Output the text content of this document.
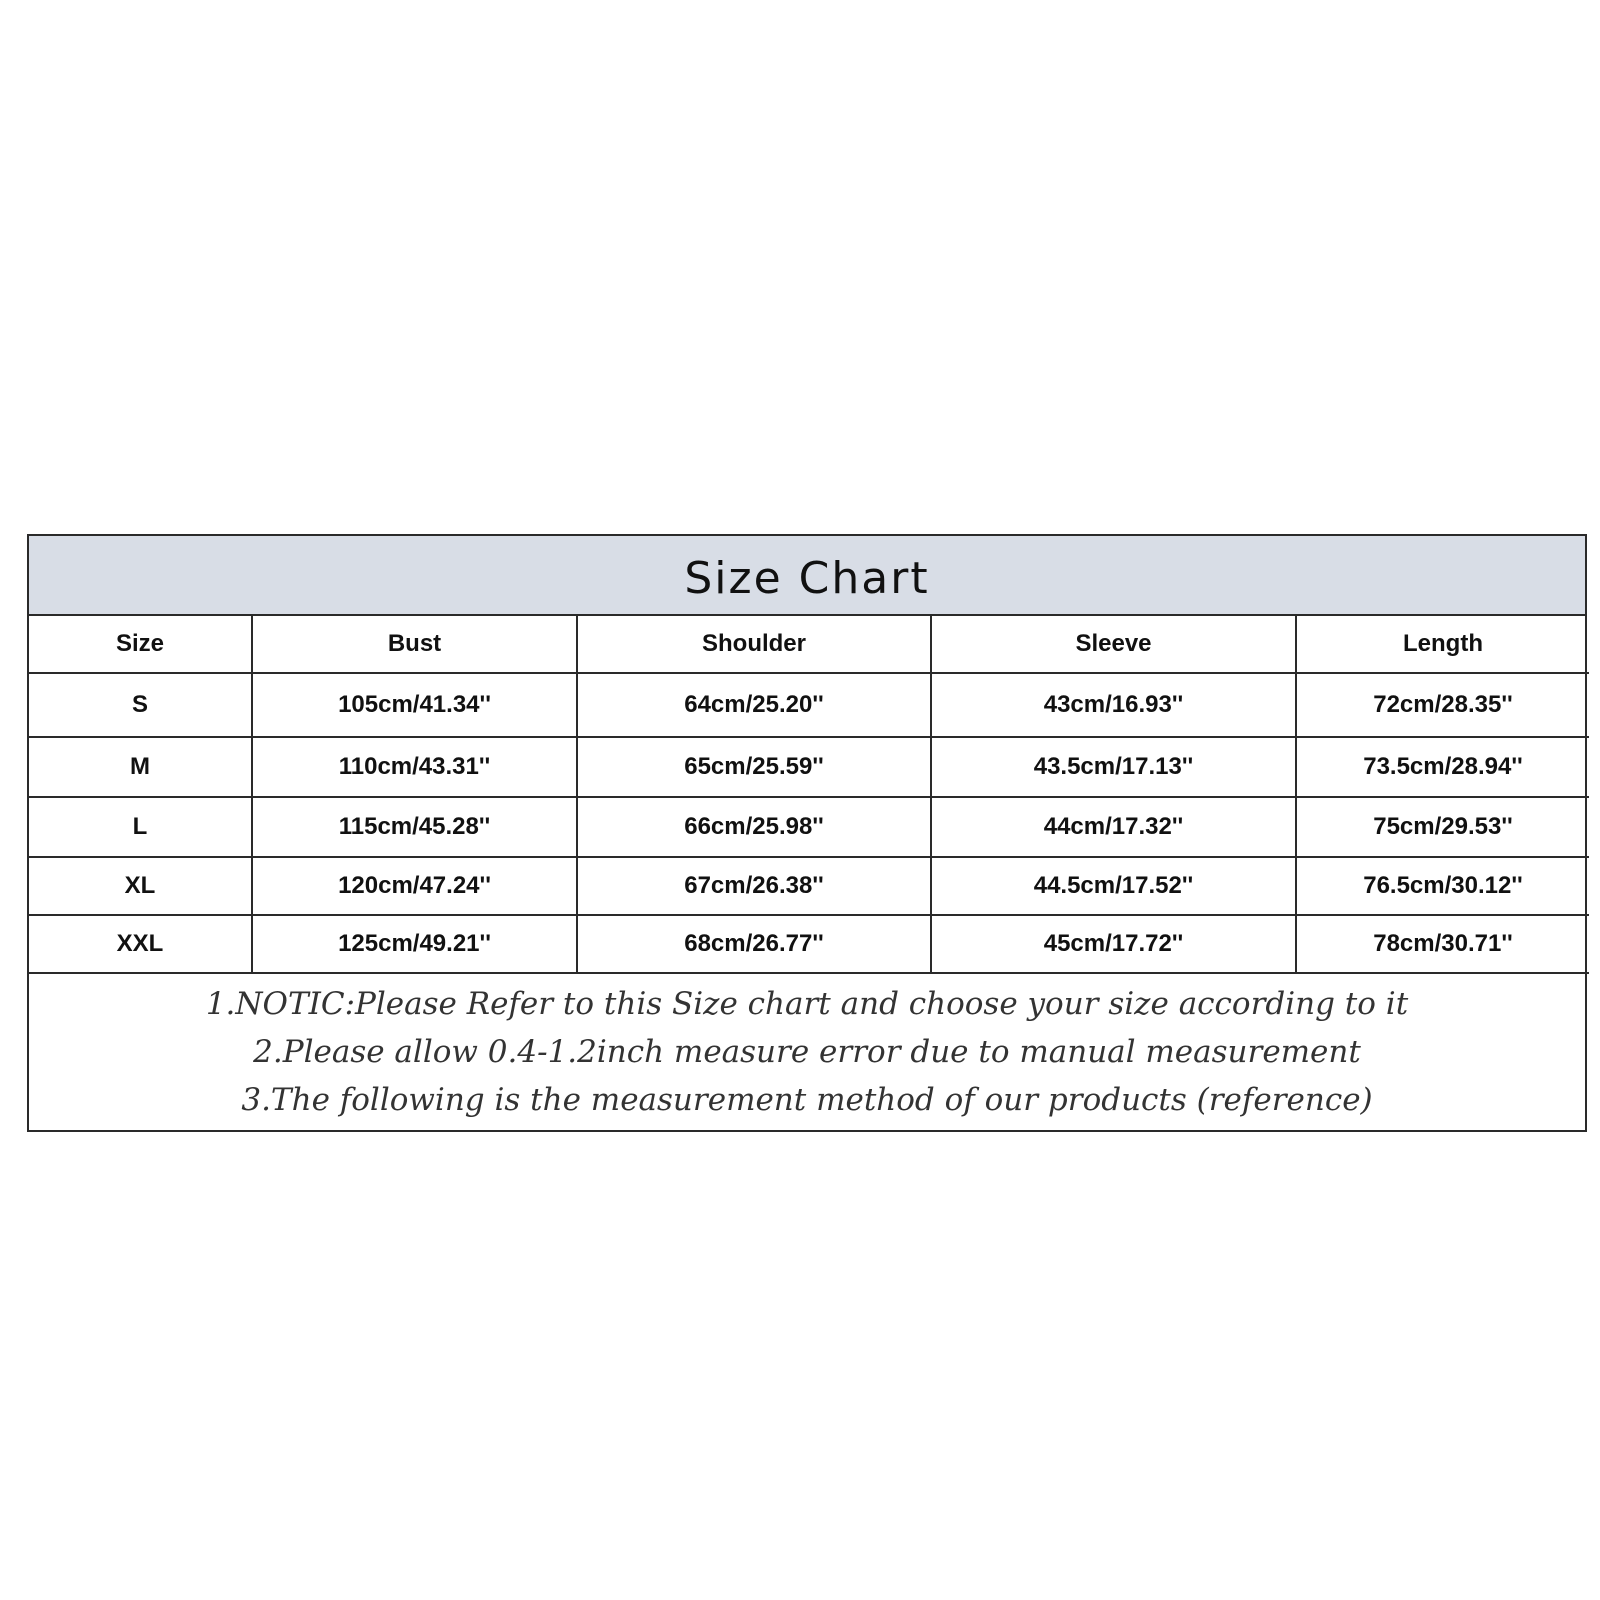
Size Chart
Size	Bust	Shoulder	Sleeve	Length
S	105cm/41.34''	64cm/25.20''	43cm/16.93''	72cm/28.35''
M	110cm/43.31''	65cm/25.59''	43.5cm/17.13''	73.5cm/28.94''
L	115cm/45.28''	66cm/25.98''	44cm/17.32''	75cm/29.53''
XL	120cm/47.24''	67cm/26.38''	44.5cm/17.52''	76.5cm/30.12''
XXL	125cm/49.21''	68cm/26.77''	45cm/17.72''	78cm/30.71''
1.NOTIC:Please Refer to this Size chart and choose your size according to it
2.Please allow 0.4-1.2inch measure error due to manual measurement
3.The following is the measurement method of our products (reference)
